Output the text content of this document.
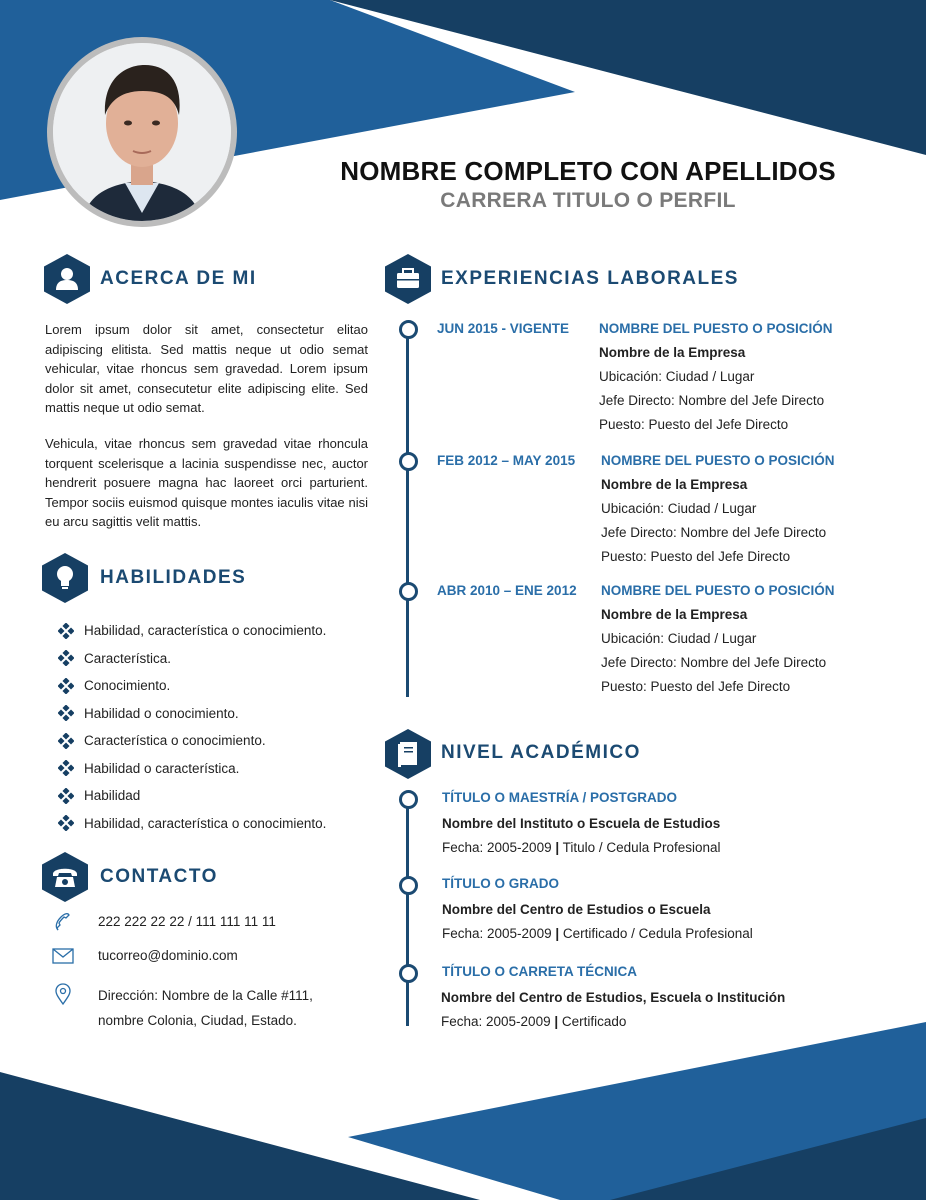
NOMBRE COMPLETO CON APELLIDOS
CARRERA TITULO O PERFIL
ACERCA DE MI
Lorem ipsum dolor sit amet, consectetur elitao adipiscing elitista. Sed mattis neque ut odio semat vehicular, vitae rhoncus sem gravedad. Lorem ipsum dolor sit amet, consecutetur elite adipiscing elite. Sed mattis neque ut odio semat.
Vehicula, vitae rhoncus sem gravedad vitae rhoncula torquent scelerisque a lacinia suspendisse nec, auctor hendrerit posuere magna hac laoreet orci parturient. Tempor sociis euismod quisque montes iaculis vitae nisi eu arcu sagittis velit mattis.
HABILIDADES
Habilidad, característica o conocimiento.
Característica.
Conocimiento.
Habilidad o conocimiento.
Característica o conocimiento.
Habilidad o característica.
Habilidad
Habilidad, característica o conocimiento.
CONTACTO
222 222 22 22 / 111 111 11 11
tucorreo@dominio.com
Dirección: Nombre de la Calle #111,
nombre Colonia, Ciudad, Estado.
EXPERIENCIAS LABORALES
JUN 2015 - VIGENTE NOMBRE DEL PUESTO O POSICIÓN
Nombre de la Empresa
Ubicación: Ciudad / Lugar
Jefe Directo: Nombre del Jefe Directo
Puesto: Puesto del Jefe Directo
FEB 2012 – MAY 2015 NOMBRE DEL PUESTO O POSICIÓN
Nombre de la Empresa
Ubicación: Ciudad / Lugar
Jefe Directo: Nombre del Jefe Directo
Puesto: Puesto del Jefe Directo
ABR 2010 – ENE 2012 NOMBRE DEL PUESTO O POSICIÓN
Nombre de la Empresa
Ubicación: Ciudad / Lugar
Jefe Directo: Nombre del Jefe Directo
Puesto: Puesto del Jefe Directo
NIVEL ACADÉMICO
TÍTULO O MAESTRÍA / POSTGRADO
Nombre del Instituto o Escuela de Estudios
Fecha: 2005-2009 | Titulo / Cedula Profesional
TÍTULO O GRADO
Nombre del Centro de Estudios o Escuela
Fecha: 2005-2009 | Certificado / Cedula Profesional
TÍTULO O CARRETA TÉCNICA
Nombre del Centro de Estudios, Escuela o Institución
Fecha: 2005-2009 | Certificado
